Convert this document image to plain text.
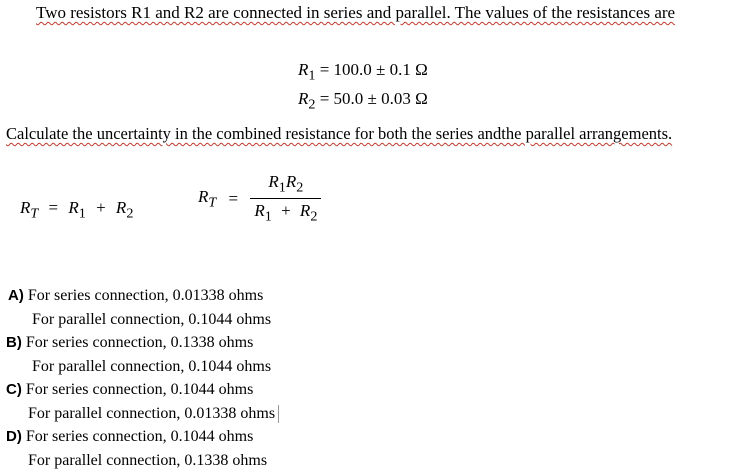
Two resistors R1 and R2 are connected in series and parallel. The values of the resistances are
$R_1 = 100.0 \pm 0.1$ Ω
$R_2 = 50.0 \pm 0.03$ Ω
Calculate the uncertainty in the combined resistance for both the series andthe parallel arrangements.
$R_T = R_1 + R_2$
$R_T = \frac{R_1R_2}{R_1 + R_2}$
A) For series connection, 0.01338 ohms
For parallel connection, 0.1044 ohms
B) For series connection, 0.1338 ohms
For parallel connection, 0.1044 ohms
C) For series connection, 0.1044 ohms
For parallel connection, 0.01338 ohms
D) For series connection, 0.1044 ohms
For parallel connection, 0.1338 ohms
